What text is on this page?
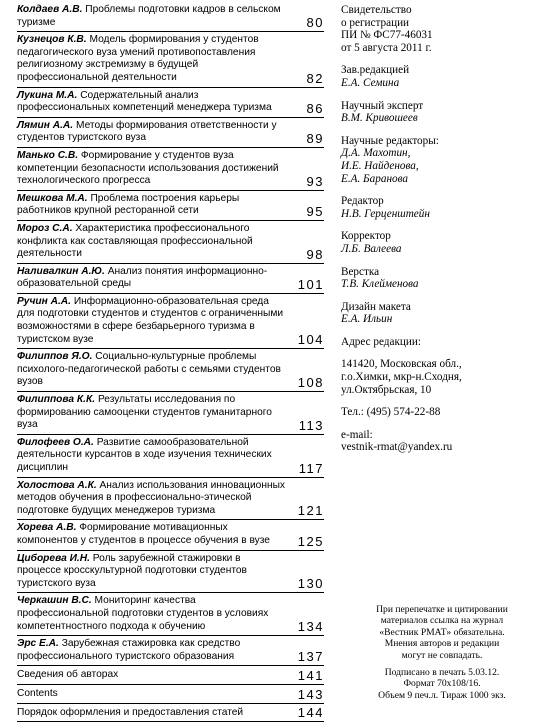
Колдаев А.В. Проблемы подготовки кадров в сельском туризме	80
Кузнецов К.В. Модель формирования у студентов педагогического вуза умений противопоставления религиозному экстремизму в будущей профессиональной деятельности	82
Лукина М.А. Содержательный анализ профессиональных компетенций менеджера туризма	86
Лямин А.А. Методы формирования ответственности у студентов туристского вуза	89
Манько С.В. Формирование у студентов вуза компетенции безопасности использования достижений технологического прогресса	93
Мешкова М.А. Проблема построения карьеры работников крупной ресторанной сети	95
Мороз С.А. Характеристика профессионального конфликта как составляющая профессиональной деятельности	98
Наливалкин А.Ю. Анализ понятия информационно-образовательной среды	101
Ручин А.А. Информационно-образовательная среда для подготовки студентов и студентов с ограниченными возможностями в сфере безбарьерного туризма в туристском вузе	104
Филиппов Я.О. Социально-культурные проблемы психолого-педагогической работы с семьями студентов вузов	108
Филиппова К.К. Результаты исследования по формированию самооценки студентов гуманитарного вуза	113
Филофеев О.А. Развитие самообразовательной деятельности курсантов в ходе изучения технических дисциплин	117
Холостова А.К. Анализ использования инновационных методов обучения в профессионально-этической подготовке будущих менеджеров туризма	121
Хорева А.В. Формирование мотивационных компонентов у студентов в процессе обучения в вузе	125
Циборева И.Н. Роль зарубежной стажировки в процессе кросскультурной подготовки студентов туристского вуза	130
Черкашин В.С. Мониторинг качества профессиональной подготовки студентов в условиях компетентностного подхода к обучению	134
Эрс Е.А. Зарубежная стажировка как средство профессионального туристского образования	137
Сведения об авторах	141
Contents	143
Порядок оформления и предоставления статей	144
Свидетельство
о регистрации
ПИ № ФС77-46031
от 5 августа 2011 г.
Зав.редакцией
Е.А. Семина
Научный эксперт
В.М. Кривошеев
Научные редакторы:
Д.А. Махотин,
И.Е. Найденова,
Е.А. Баранова
Редактор
Н.В. Герценштейн
Корректор
Л.Б. Валеева
Верстка
Т.В. Клейменова
Дизайн макета
Е.А. Ильин
Адрес редакции:
141420, Московская обл.,
г.о.Химки, мкр-н.Сходня,
ул.Октябрьская, 10
Тел.: (495) 574-22-88
e-mail:
vestnik-rmat@yandex.ru
При перепечатке и цитировании
материалов ссылка на журнал
«Вестник РМАТ» обязательна.
Мнения авторов и редакции
могут не совпадать.
Подписано в печать 5.03.12.
Формат 70х108/16.
Объем 9 печ.л. Тираж 1000 экз.
